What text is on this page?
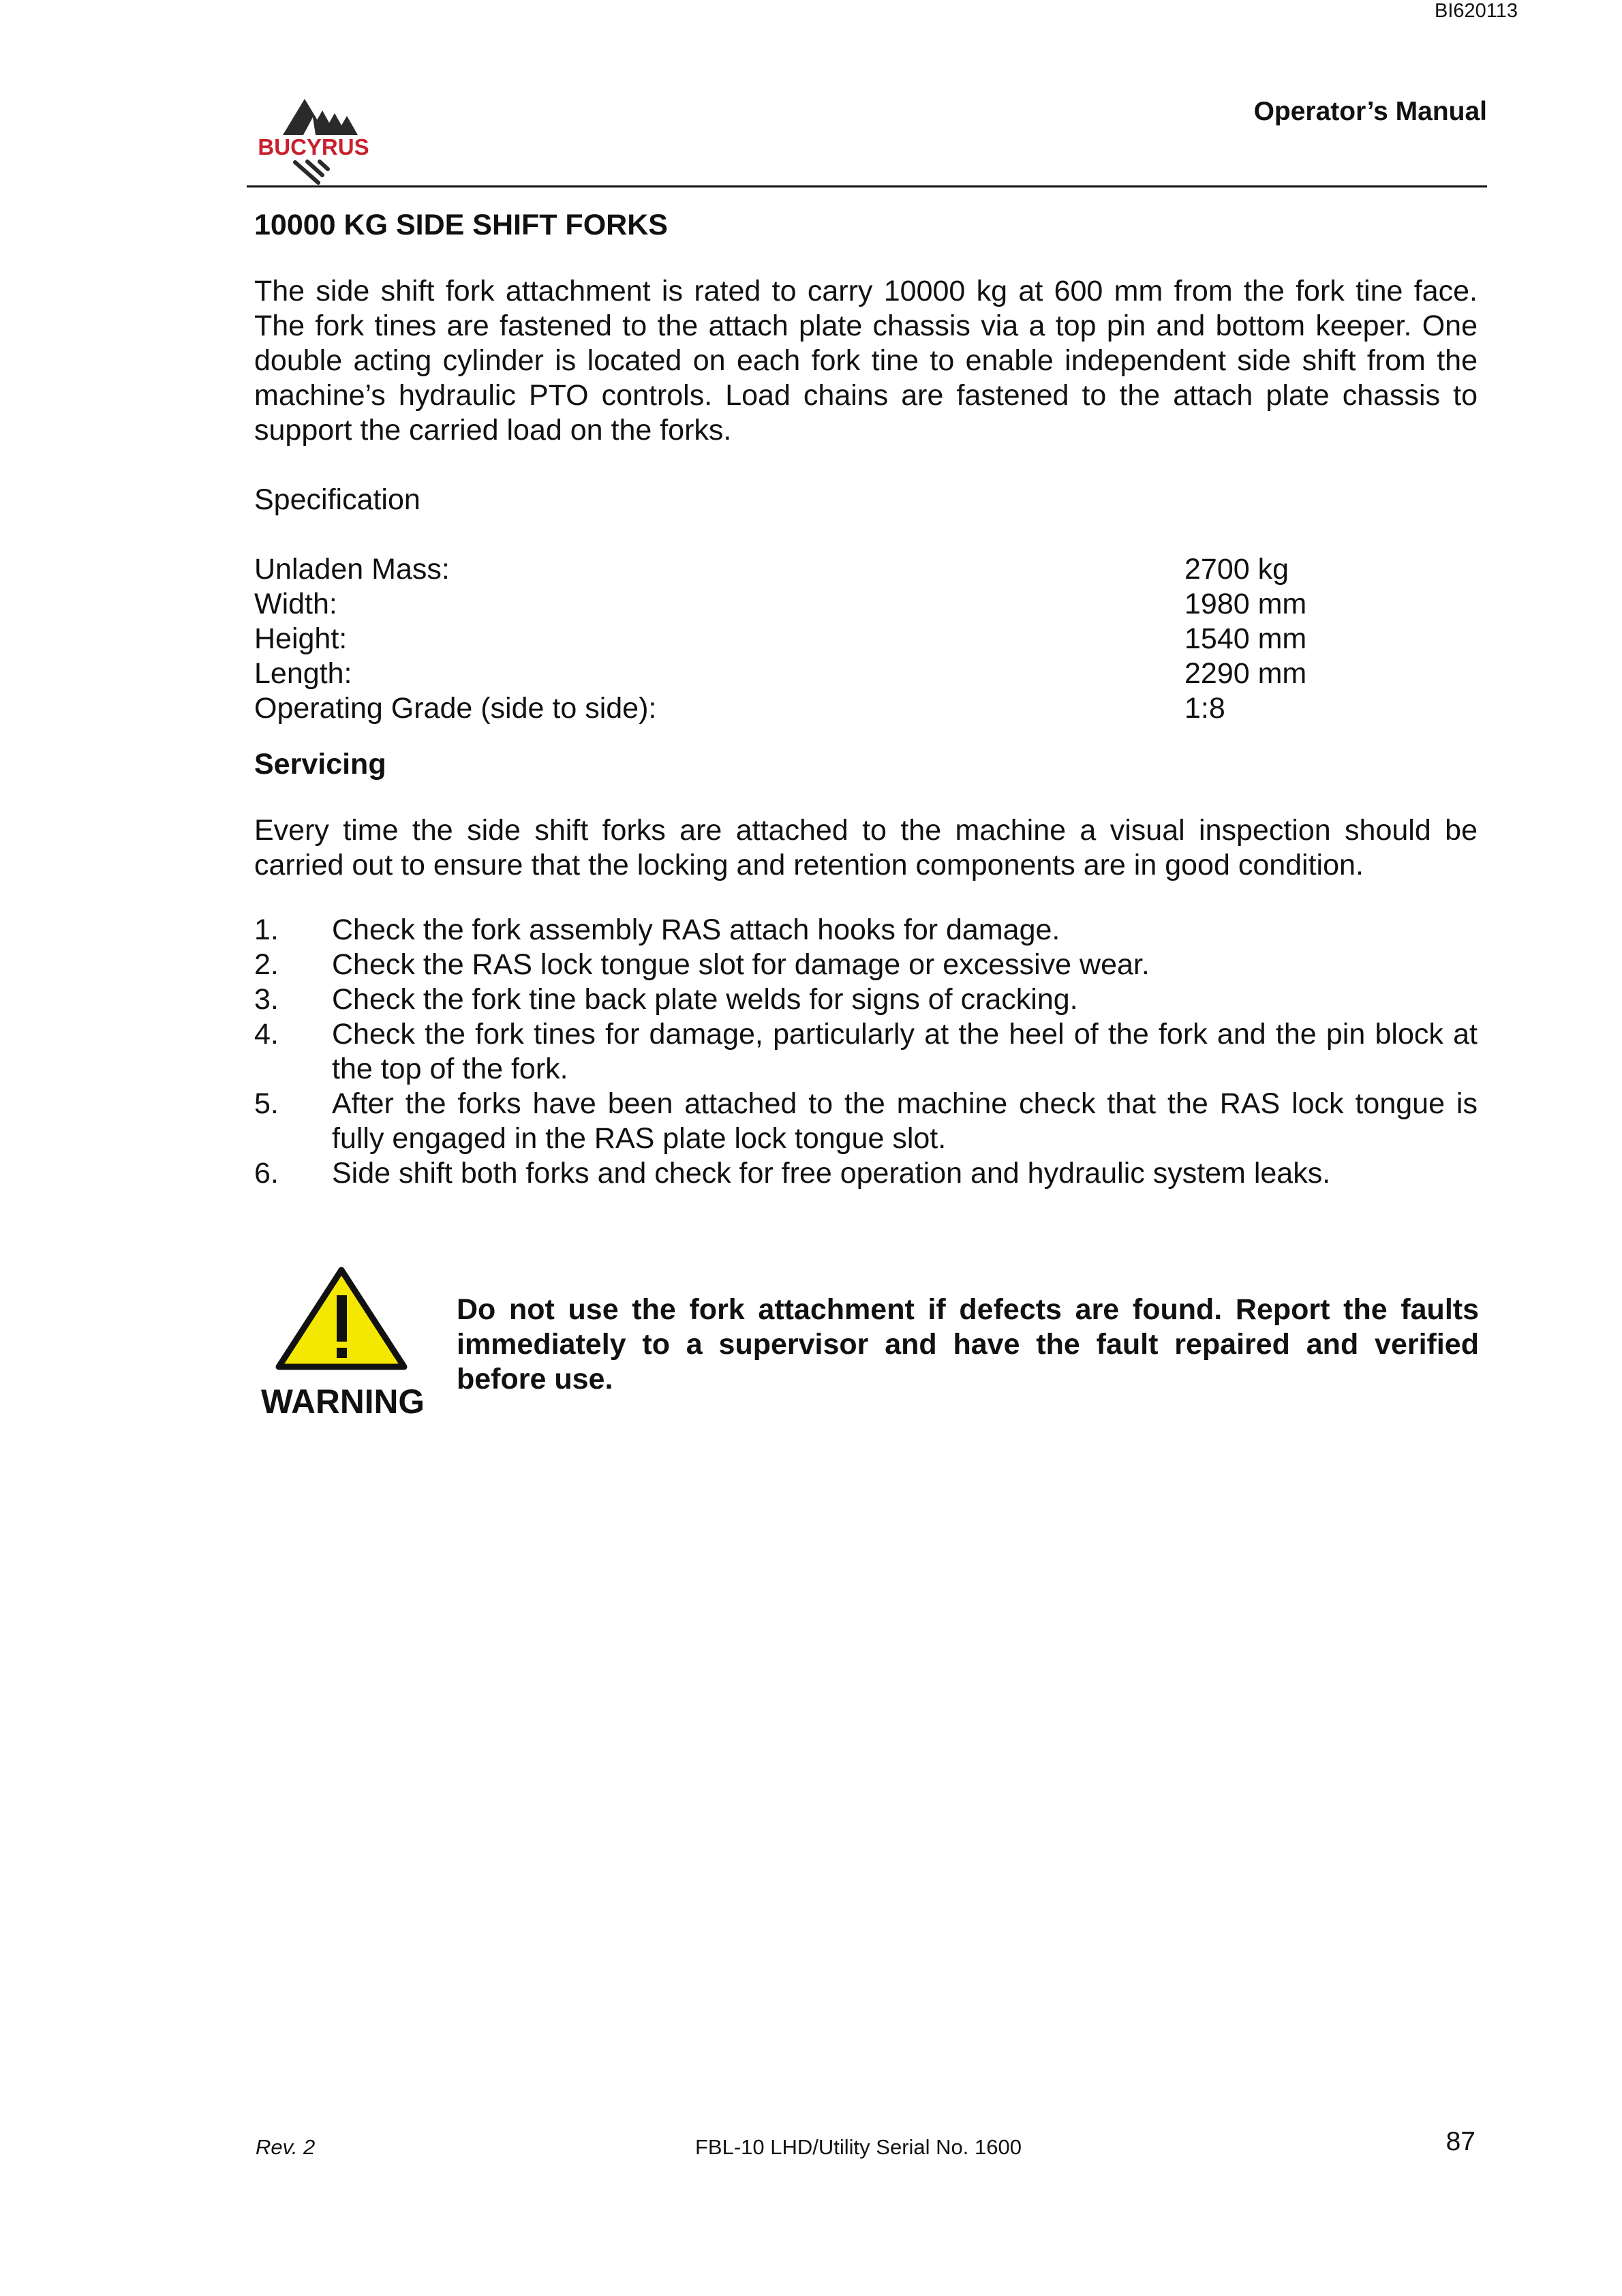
BI620113
BUCYRUS
Operator’s Manual
10000 KG SIDE SHIFT FORKS

The side shift fork attachment is rated to carry 10000 kg at 600 mm from the fork tine face. The fork tines are fastened to the attach plate chassis via a top pin and bottom keeper. One double acting cylinder is located on each fork tine to enable independent side shift from the machine’s hydraulic PTO controls. Load chains are fastened to the attach plate chassis to support the carried load on the forks.

Specification

Unladen Mass:	2700 kg
Width:	1980 mm
Height:	1540 mm
Length:	2290 mm
Operating Grade (side to side):	1:8

Servicing

Every time the side shift forks are attached to the machine a visual inspection should be carried out to ensure that the locking and retention components are in good condition.

1.	Check the fork assembly RAS attach hooks for damage.
2.	Check the RAS lock tongue slot for damage or excessive wear.
3.	Check the fork tine back plate welds for signs of cracking.
4.	Check the fork tines for damage, particularly at the heel of the fork and the pin block at the top of the fork.
5.	After the forks have been attached to the machine check that the RAS lock tongue is fully engaged in the RAS plate lock tongue slot.
6.	Side shift both forks and check for free operation and hydraulic system leaks.
WARNING
Do not use the fork attachment if defects are found. Report the faults immediately to a supervisor and have the fault repaired and verified before use.
Rev. 2	FBL-10 LHD/Utility Serial No. 1600	87
